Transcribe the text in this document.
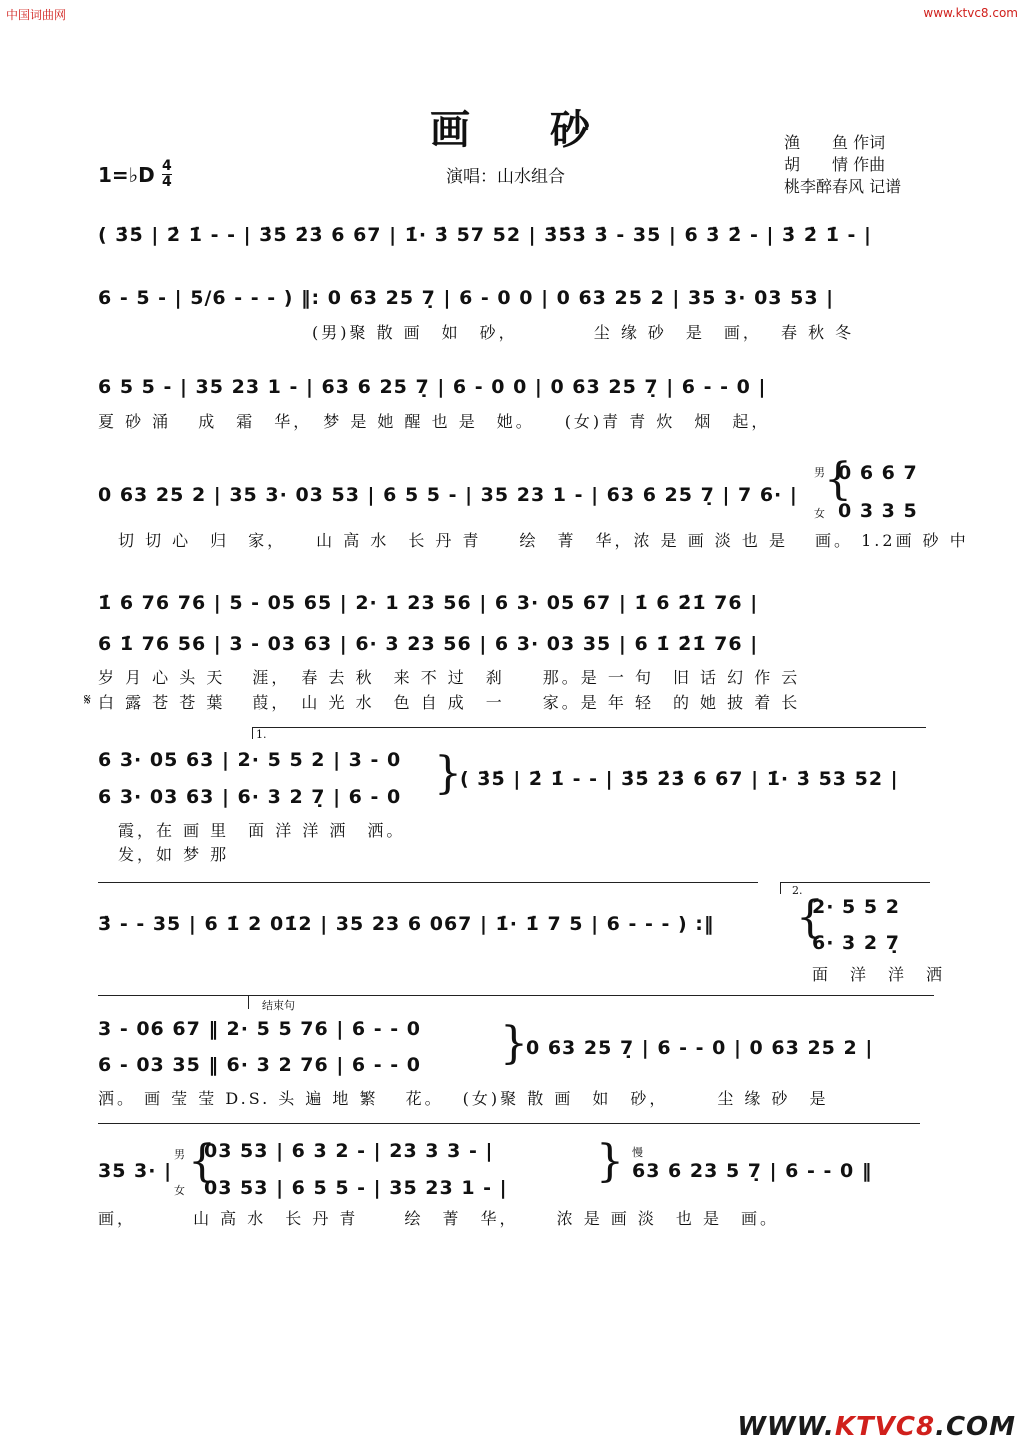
中国词曲网	www.ktvc8.com
画砂
1=♭D 4
4	演唱：山水组合
渔　　鱼 作词
胡　　情 作曲
桃李醉春风 记谱
( 3̇5̇ | 2̇ 1̇ - - | 3̇5̇ 2̇3̇ 6 67 | 1̇· 3̇ 57 52 | 3̇5̇3̇ 3̇ - 35 | 6 3̇ 2̇ - | 3̇ 2̇ 1̇ - |
6 - 5 - | 5/6 - - - ) ‖: 0 63 25 7̣ | 6 - 0 0 | 0 63 25 2 | 35 3· 03 53 |
(男)聚 散 画　如　砂，　　　　 尘 缘 砂　是　画，　 春 秋 冬
6 5 5 - | 35 23 1 - | 63 6 25 7̣ | 6 - 0 0 | 0 63 25 7̣ | 6 - - 0 |
夏 砂 涌　 成　霜　华，　梦 是 她 醒 也 是　她。　　(女)青 青 炊　烟　起，
0 63 25 2 | 35 3· 03 53 | 6 5 5 - | 35 23 1 - | 63 6 25 7̣ | 7 6· |
男
女
{
0 6 6 7
0 3 3 5
切 切 心　归　家，　　山 高 水　长 丹 青　　绘　菁　华，浓 是 画 淡 也 是　 画。 1.2画 砂 中
1̇ 6 76 76 | 5 - 05 65 | 2· 1 23 56 | 6 3· 05 67 | 1̇ 6 2̇1̇ 76 |
6 1̇ 76 56 | 3 - 03 63 | 6· 3 23 56 | 6 3· 03 35 | 6 1̇ 2̇1̇ 76 |
岁 月 心 头 天　 涯，　春 去 秋　来 不 过　刹　　那。是 一 句　旧 话 幻 作 云
𝄋 白 露 苍 苍 葉　 葭，　山 光 水　色 自 成　一　　家。是 年 轻　的 她 披 着 长
1.
6 3· 05 63 | 2· 5 5 2 | 3 - 0
6 3· 03 63 | 6· 3 2 7̣ | 6 - 0 {
( 3̇5̇ | 2̇ 1̇ - - | 3̇5̇ 2̇3̇ 6 67 | 1̇· 3̇ 53 52 |
霞，在 画 里　面 洋 洋 洒　洒。
发，如 梦 那
2.
3̇ - - 35 | 6 1̇ 2 01̇2 | 35 23 6 067 | 1̇· 1̇ 7 5 | 6 - - - ) :‖ {
2· 5 5 2
6· 3 2 7̣
面　洋　洋　洒
结束句
3 - 06 67 ‖ 2· 5 5 76 | 6 - - 0
6 - 03 35 ‖ 6· 3 2 76 | 6 - - 0 {
0 63 25 7̣ | 6 - - 0 | 0 63 25 2 |
洒。 画 莹 莹 D.S. 头 遍 地 繁　 花。　 (女)聚 散 画　如　砂，　　　尘 缘 砂　是
35 3· |
男
女
{
03 53 | 6 3 2 - | 23 3 3 - |
03 53 | 6 5 5 - | 35 23 1 - |
{ 慢
63 6 23 5 7̣ | 6 - - 0 ‖
画，　　　 山 高 水　长 丹 青　　 绘　菁　华，　　 浓 是 画 淡　也 是　画。
WWW.KTVC8.COM
